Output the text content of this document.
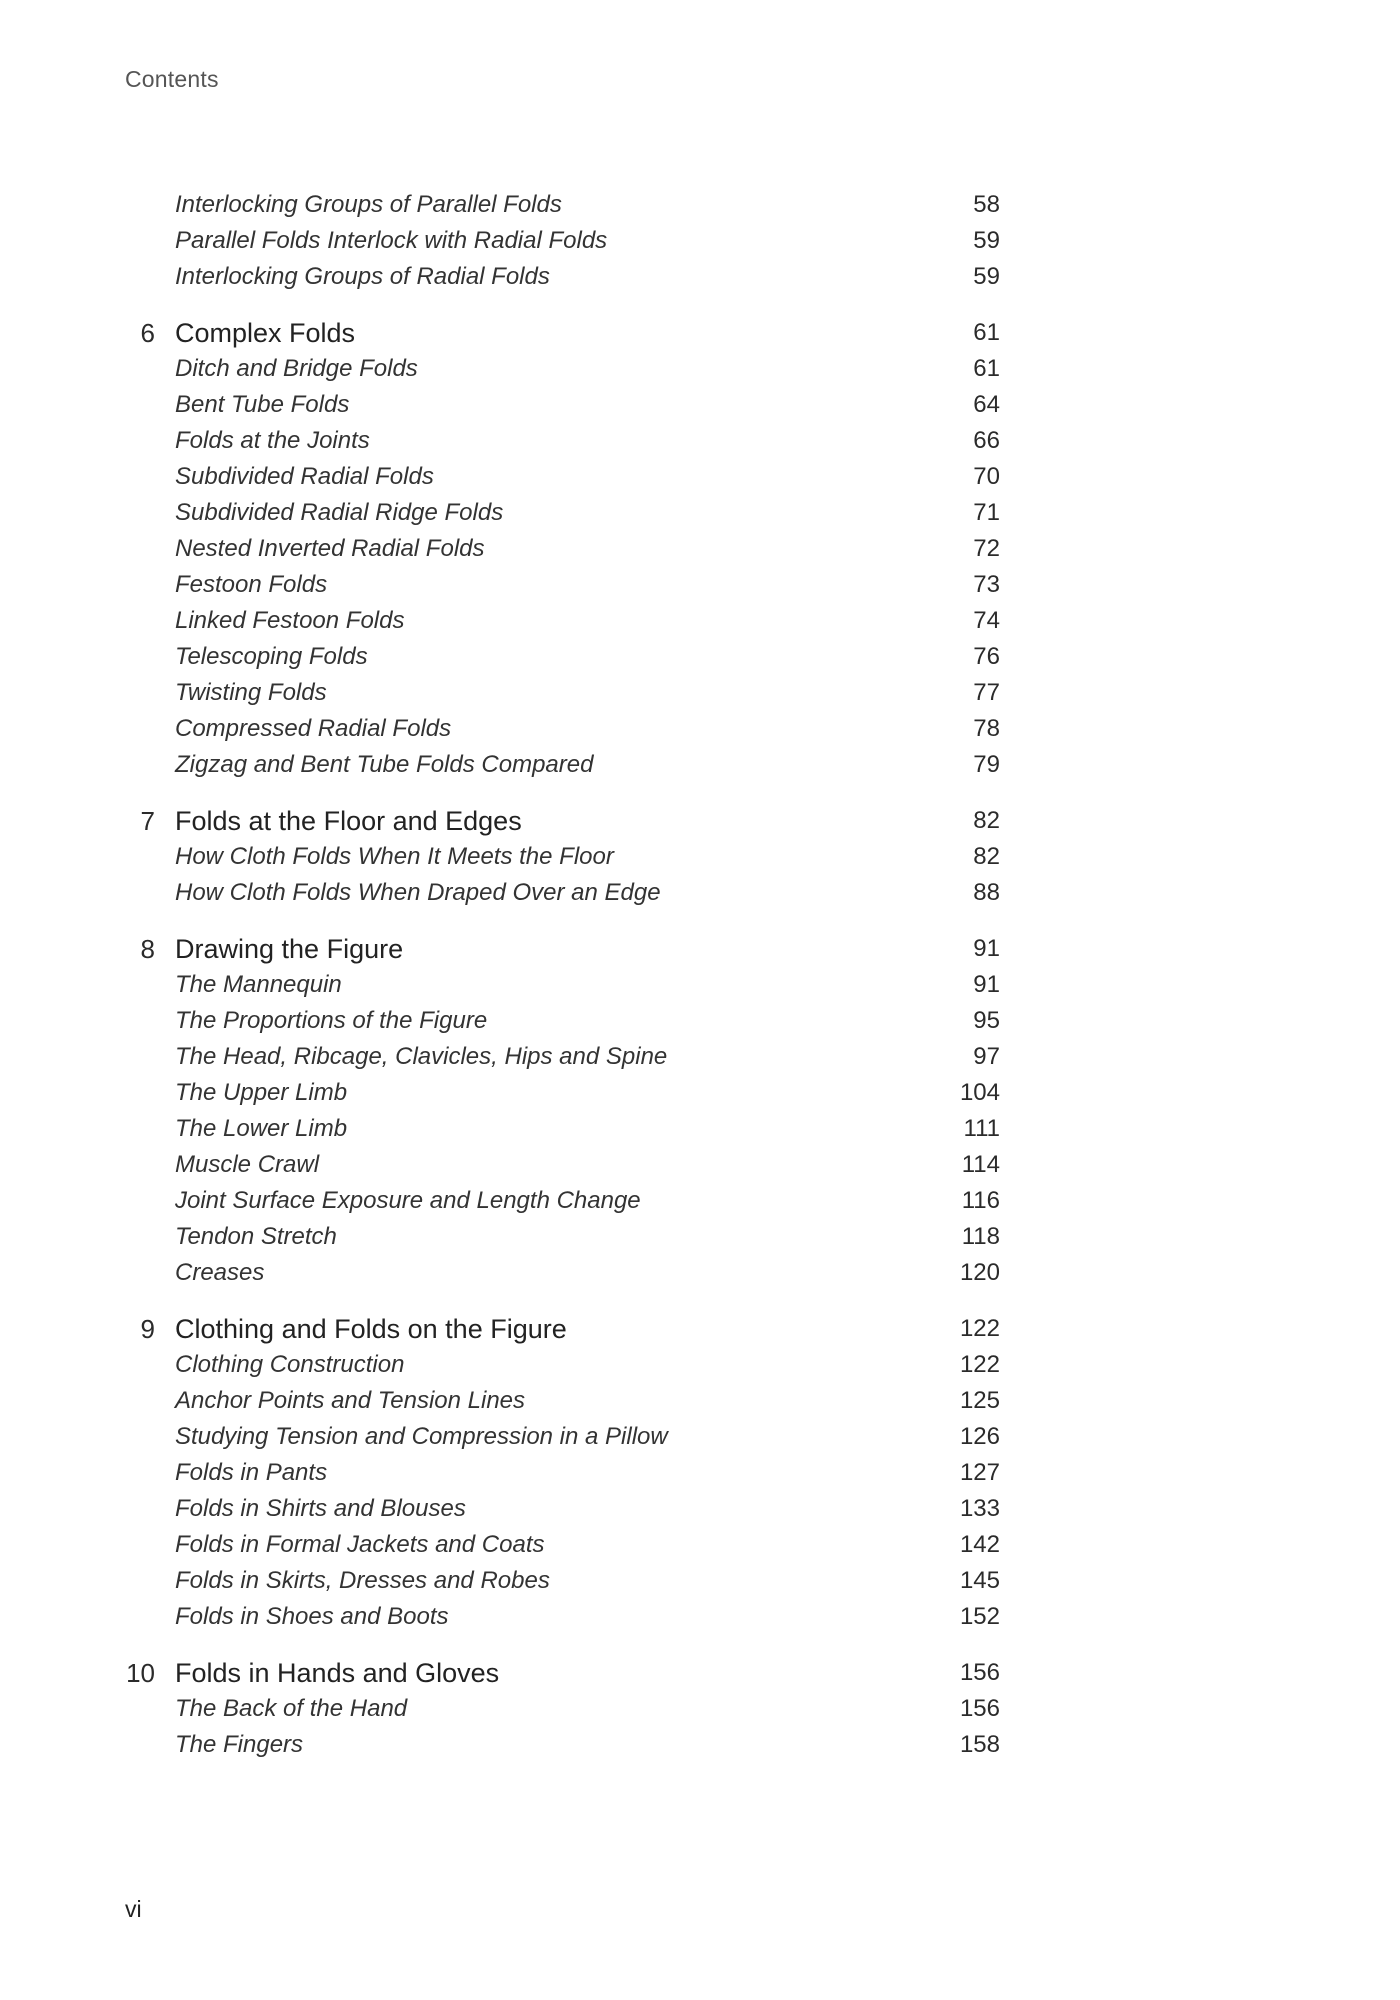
Contents
Interlocking Groups of Parallel Folds	58
Parallel Folds Interlock with Radial Folds	59
Interlocking Groups of Radial Folds	59
6 Complex Folds	61
Ditch and Bridge Folds	61
Bent Tube Folds	64
Folds at the Joints	66
Subdivided Radial Folds	70
Subdivided Radial Ridge Folds	71
Nested Inverted Radial Folds	72
Festoon Folds	73
Linked Festoon Folds	74
Telescoping Folds	76
Twisting Folds	77
Compressed Radial Folds	78
Zigzag and Bent Tube Folds Compared	79
7 Folds at the Floor and Edges	82
How Cloth Folds When It Meets the Floor	82
How Cloth Folds When Draped Over an Edge	88
8 Drawing the Figure	91
The Mannequin	91
The Proportions of the Figure	95
The Head, Ribcage, Clavicles, Hips and Spine	97
The Upper Limb	104
The Lower Limb	111
Muscle Crawl	114
Joint Surface Exposure and Length Change	116
Tendon Stretch	118
Creases	120
9 Clothing and Folds on the Figure	122
Clothing Construction	122
Anchor Points and Tension Lines	125
Studying Tension and Compression in a Pillow	126
Folds in Pants	127
Folds in Shirts and Blouses	133
Folds in Formal Jackets and Coats	142
Folds in Skirts, Dresses and Robes	145
Folds in Shoes and Boots	152
10 Folds in Hands and Gloves	156
The Back of the Hand	156
The Fingers	158
vi
